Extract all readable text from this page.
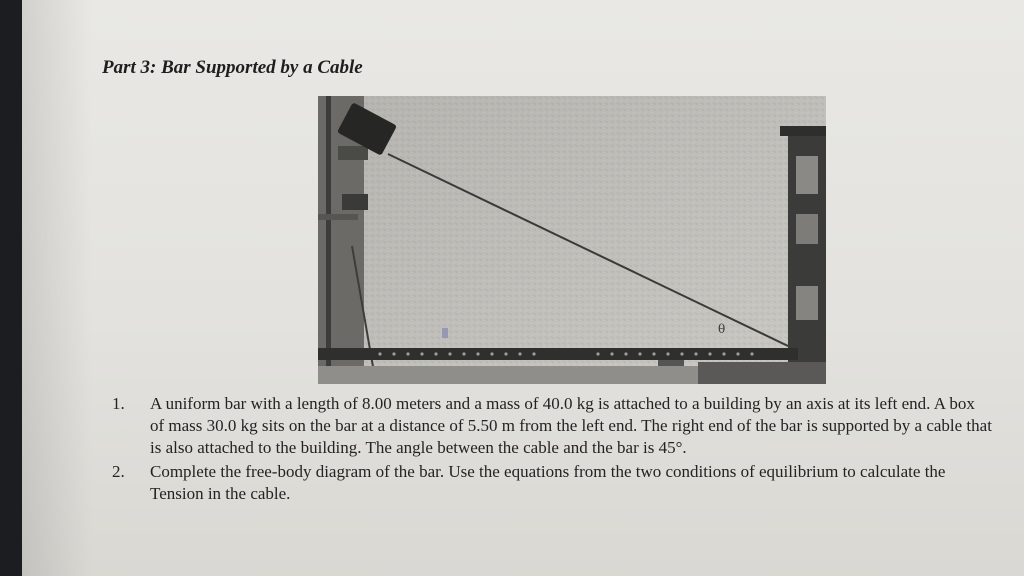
Part 3: Bar Supported by a Cable
θ
1. A uniform bar with a length of 8.00 meters and a mass of 40.0 kg is attached to a building by an axis at its left end. A box of mass 30.0 kg sits on the bar at a distance of 5.50 m from the left end. The right end of the bar is supported by a cable that is also attached to the building. The angle between the cable and the bar is 45°.
2. Complete the free-body diagram of the bar. Use the equations from the two conditions of equilibrium to calculate the Tension in the cable.
